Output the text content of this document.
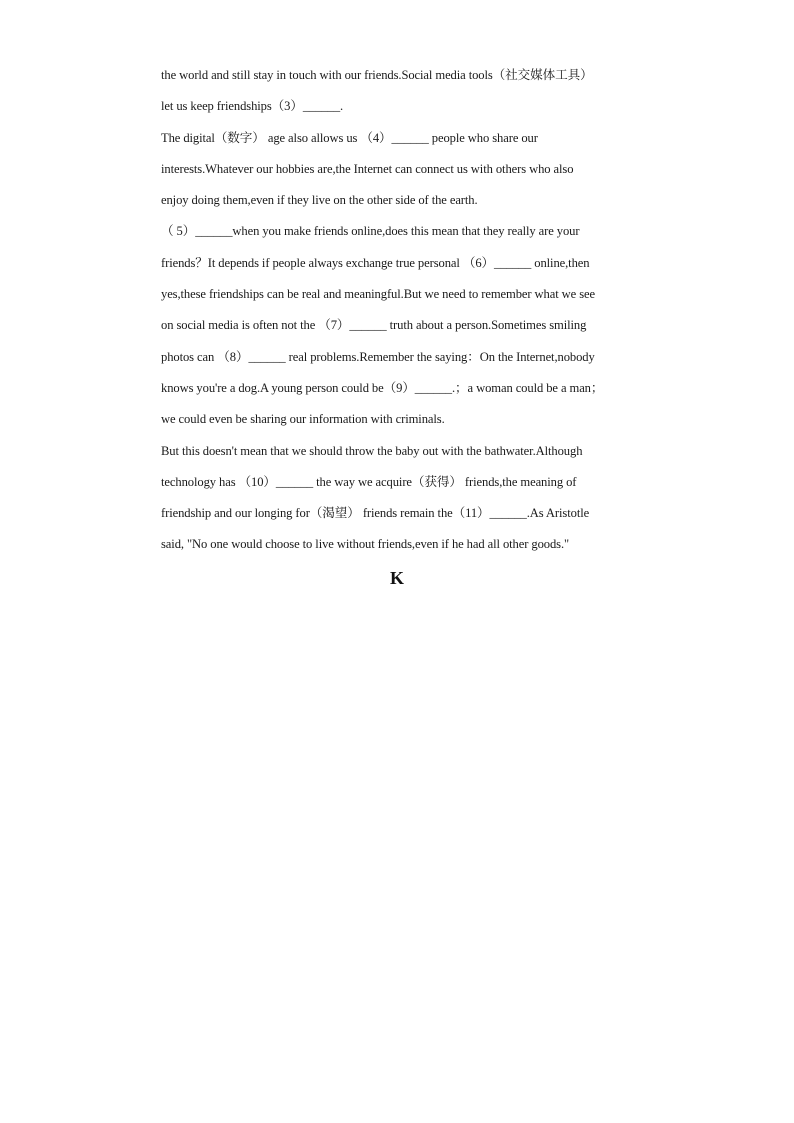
the world and still stay in touch with our friends.Social media tools（社交媒体工具）
let us keep friendships（3）______.
The digital（数字） age also allows us （4）______ people who share our
interests.Whatever our hobbies are,the Internet can connect us with others who also
enjoy doing them,even if they live on the other side of the earth.
（ 5）______when you make friends online,does this mean that they really are your
friends？It depends if people always exchange true personal （6）______ online,then
yes,these friendships can be real and meaningful.But we need to remember what we see
on social media is often not the （7）______ truth about a person.Sometimes smiling
photos can （8）______ real problems.Remember the saying：On the Internet,nobody
knows you're a dog.A young person could be（9）______.；a woman could be a man；
we could even be sharing our information with criminals.
But this doesn't mean that we should throw the baby out with the bathwater.Although
technology has （10）______ the way we acquire（获得） friends,the meaning of
friendship and our longing for（渴望） friends remain the（11）______.As Aristotle
said, "No one would choose to live without friends,even if he had all other goods."
K
